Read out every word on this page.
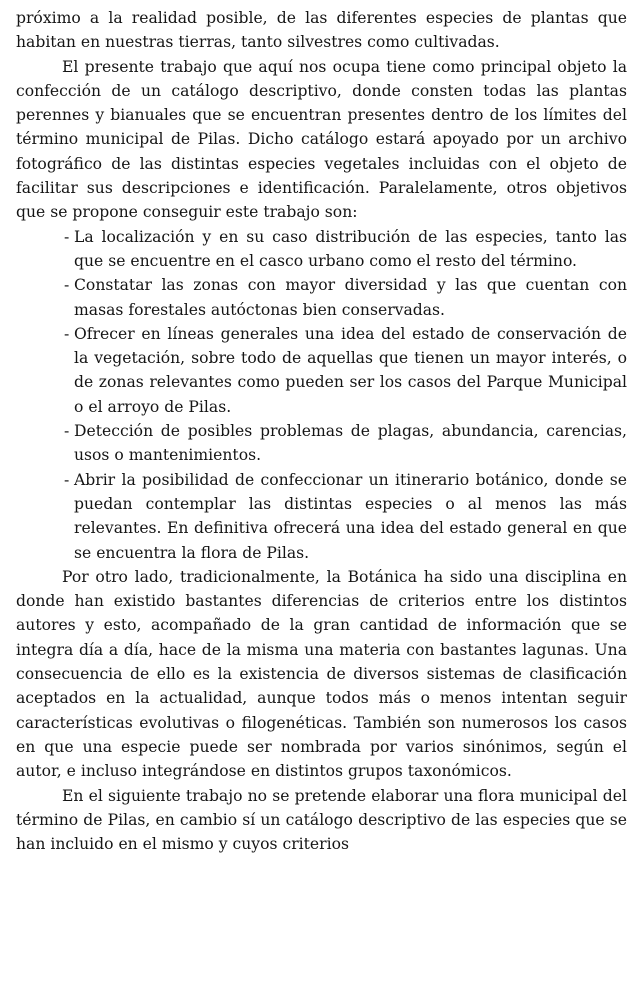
próximo a la realidad posible, de las diferentes especies de plantas que habitan en nuestras tierras, tanto silvestres como cultivadas.

El presente trabajo que aquí nos ocupa tiene como principal objeto la confección de un catálogo descriptivo, donde consten todas las plantas perennes y bianuales que se encuentran presentes dentro de los límites del término municipal de Pilas. Dicho catálogo estará apoyado por un archivo fotográfico de las distintas especies vegetales incluidas con el objeto de facilitar sus descripciones e identificación. Paralelamente, otros objetivos que se propone conseguir este trabajo son:

- La localización y en su caso distribución de las especies, tanto las que se encuentre en el casco urbano como el resto del término.
- Constatar las zonas con mayor diversidad y las que cuentan con masas forestales autóctonas bien conservadas.
- Ofrecer en líneas generales una idea del estado de conservación de la vegetación, sobre todo de aquellas que tienen un mayor interés, o de zonas relevantes como pueden ser los casos del Parque Municipal o el arroyo de Pilas.
- Detección de posibles problemas de plagas, abundancia, carencias, usos o mantenimientos.
- Abrir la posibilidad de confeccionar un itinerario botánico, donde se puedan contemplar las distintas especies o al menos las más relevantes. En definitiva ofrecerá una idea del estado general en que se encuentra la flora de Pilas.

Por otro lado, tradicionalmente, la Botánica ha sido una disciplina en donde han existido bastantes diferencias de criterios entre los distintos autores y esto, acompañado de la gran cantidad de información que se integra día a día, hace de la misma una materia con bastantes lagunas. Una consecuencia de ello es la existencia de diversos sistemas de clasificación aceptados en la actualidad, aunque todos más o menos intentan seguir características evolutivas o filogenéticas. También son numerosos los casos en que una especie puede ser nombrada por varios sinónimos, según el autor, e incluso integrándose en distintos grupos taxonómicos.

En el siguiente trabajo no se pretende elaborar una flora municipal del término de Pilas, en cambio sí un catálogo descriptivo de las especies que se han incluido en el mismo y cuyos criterios
